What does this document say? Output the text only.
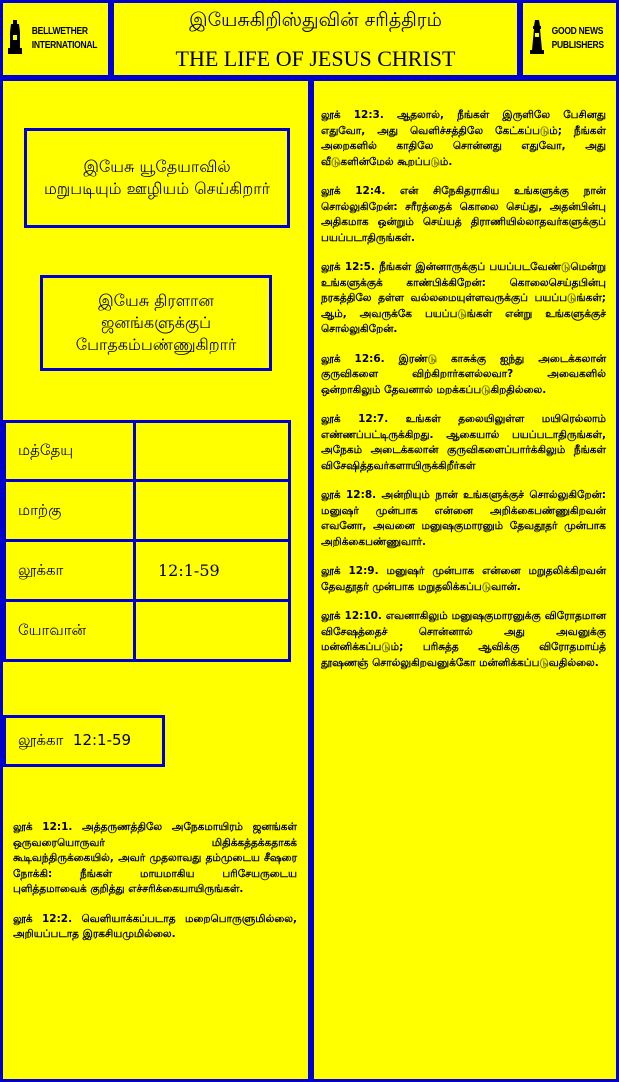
BELLWETHER
INTERNATIONAL
இயேசுகிறிஸ்துவின் சரித்திரம்
THE LIFE OF JESUS CHRIST
GOOD NEWS
PUBLISHERS
இயேசு யூதேயாவில் மறுபடியும் ஊழியம் செய்கிறார்
இயேசு திரளான ஜனங்களுக்குப் போதகம்பண்ணுகிறார்
மத்தேயு
மாற்கு
லூக்கா	12:1-59
யோவான்
லூக்கா  12:1-59

லூக் 12:1. அத்தருணத்திலே அநேகமாயிரம் ஜனங்கள் ஒருவரையொருவர் மிதிக்கத்தக்கதாகக் கூடிவந்திருக்கையில், அவர் முதலாவது தம்முடைய சீஷரை நோக்கி: நீங்கள் மாயமாகிய பரிசேயருடைய புளித்தமாவைக் குறித்து எச்சரிக்கையாயிருங்கள்.

லூக் 12:2. வெளியாக்கப்படாத மறைபொருளுமில்லை, அறியப்படாத இரகசியமுமில்லை.

லூக் 12:3. ஆதலால், நீங்கள் இருளிலே பேசினது எதுவோ, அது வெளிச்சத்திலே கேட்கப்படும்; நீங்கள் அறைகளில் காதிலே சொன்னது எதுவோ, அது வீடுகளின்மேல் கூறப்படும்.

லூக் 12:4. என் சிநேகிதராகிய உங்களுக்கு நான் சொல்லுகிறேன்: சரீரத்தைக் கொலை செய்து, அதன்பின்பு அதிகமாக ஒன்றும் செய்யத் திராணியில்லாதவர்களுக்குப் பயப்படாதிருங்கள்.

லூக் 12:5. நீங்கள் இன்னாருக்குப் பயப்படவேண்டுமென்று உங்களுக்குக் காண்பிக்கிறேன்: கொலைசெய்தபின்பு நரகத்திலே தள்ள வல்லமையுள்ளவருக்குப் பயப்படுங்கள்; ஆம், அவருக்கே பயப்படுங்கள் என்று உங்களுக்குச் சொல்லுகிறேன்.

லூக் 12:6. இரண்டு காசுக்கு ஐந்து அடைக்கலான் குருவிகளை விற்கிறார்களல்லவா? அவைகளில் ஒன்றாகிலும் தேவனால் மறக்கப்படுகிறதில்லை.

லூக் 12:7. உங்கள் தலையிலுள்ள மயிரெல்லாம் எண்ணப்பட்டிருக்கிறது. ஆகையால் பயப்படாதிருங்கள், அநேகம் அடைக்கலான் குருவிகளைப்பார்க்கிலும் நீங்கள் விசேஷித்தவர்களாயிருக்கிறீர்கள்

லூக் 12:8. அன்றியும் நான் உங்களுக்குச் சொல்லுகிறேன்: மனுஷர் முன்பாக என்னை அறிக்கைபண்ணுகிறவன் எவனோ, அவனை மனுஷகுமாரனும் தேவதூதர் முன்பாக அறிக்கைபண்ணுவார்.

லூக் 12:9. மனுஷர் முன்பாக என்னை மறுதலிக்கிறவன் தேவதூதர் முன்பாக மறுதலிக்கப்படுவான்.

லூக் 12:10. எவனாகிலும் மனுஷகுமாரனுக்கு விரோதமான விசேஷத்தைச் சொன்னால் அது அவனுக்கு மன்னிக்கப்படும்; பரிசுத்த ஆவிக்கு விரோதமாய்த் தூஷணஞ் சொல்லுகிறவனுக்கோ மன்னிக்கப்படுவதில்லை.
